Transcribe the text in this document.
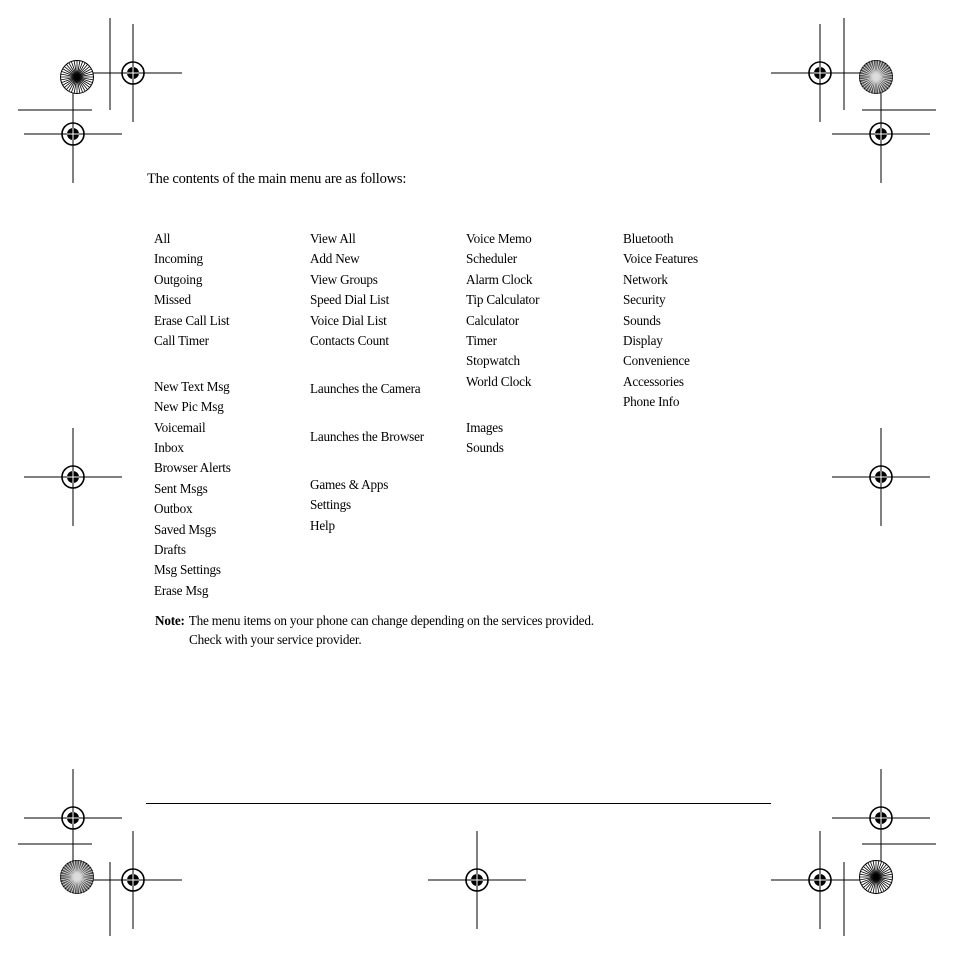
The contents of the main menu are as follows:
All
Incoming
Outgoing
Missed
Erase Call List
Call Timer
New Text Msg
New Pic Msg
Voicemail
Inbox
Browser Alerts
Sent Msgs
Outbox
Saved Msgs
Drafts
Msg Settings
Erase Msg
View All
Add New
View Groups
Speed Dial List
Voice Dial List
Contacts Count
Launches the Camera
Launches the Browser
Games & Apps
Settings
Help
Voice Memo
Scheduler
Alarm Clock
Tip Calculator
Calculator
Timer
Stopwatch
World Clock
Images
Sounds
Bluetooth
Voice Features
Network
Security
Sounds
Display
Convenience
Accessories
Phone Info
Note: The menu items on your phone can change depending on the services provided.
Check with your service provider.
